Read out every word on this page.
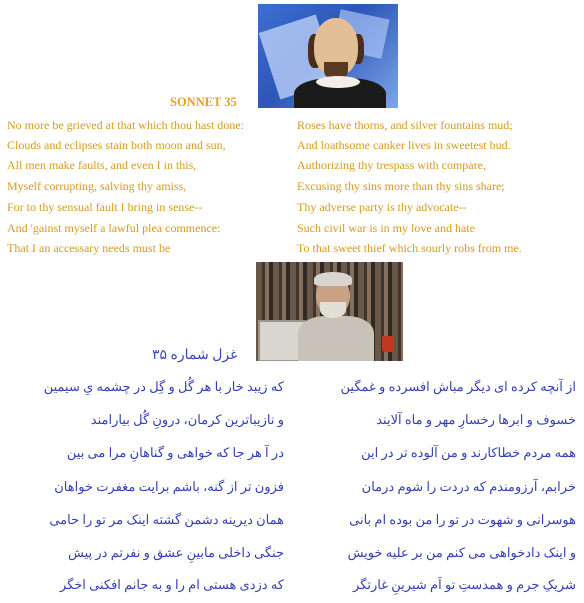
SONNET 35
No more be grieved at that which thou hast done:
Clouds and eclipses stain both moon and sun,
All men make faults, and even I in this,
Myself corrupting, salving thy amiss,
For to thy sensual fault I bring in sense--
And 'gainst myself a lawful plea commence:
That I an accessary needs must be
Roses have thorns, and silver fountains mud;
And loathsome canker lives in sweetest bud.
Authorizing thy trespass with compare,
Excusing thy sins more than thy sins share;
Thy adverse party is thy advocate--
Such civil war is in my love and hate
To that sweet thief which sourly robs from me.
غزل شماره ۳۵
از آنچه کرده ای دیگر مباش افسرده و غمگین
خسوف و ابرها رخسارِ مهر و ماه آلایند
همه مردم خطاکارند و من آلوده تر در این
خرابم، آرزومندم که دردت را شوم درمان
هوسرانی و شهوت در تو را من بوده ام بانی
و اینک دادخواهی می کنم من بر علیه خویش
شریکِ جرم و همدستِ تو اَم شیرینِ غارتگر
که زیبد خار با هر گُل و گِل در چشمه یِ سیمین
و نازیباترین کرمان، درونِ گُل بیارامند
در آ هر جا که خواهی و گناهانِ مرا می بین
فزون تر از گنه، باشم برایت مغفرت خواهان
همان دیرینه دشمن گشته اینک مر تو را حامی
جنگی داخلی مابینِ عشق و نفرتم در پیش
که دزدی هستی ام را و به جانم افکنی اخگر
